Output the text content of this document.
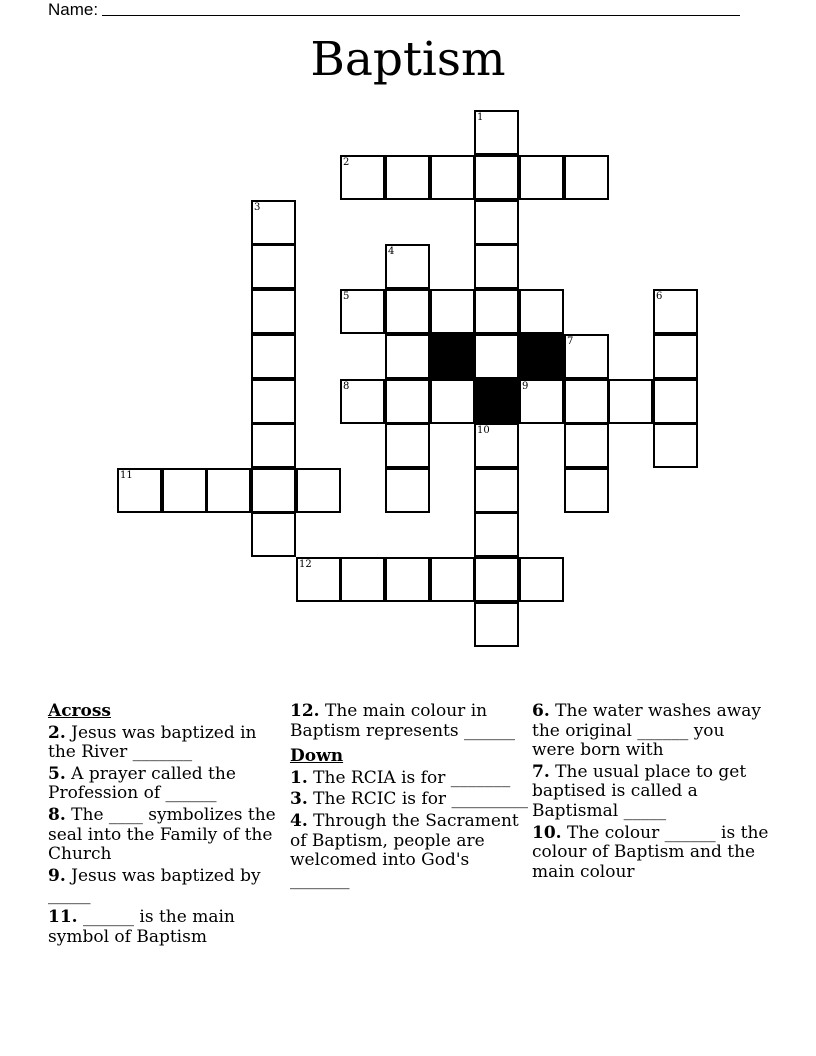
Name:
Baptism
1
2
3
4
5	6
7
8	9
10
11
12
Across
2. Jesus was baptized in the River _______
5. A prayer called the Profession of ______
8. The ____ symbolizes the seal into the Family of the Church
9. Jesus was baptized by _____
11. ______ is the main symbol of Baptism
12. The main colour in Baptism represents ______
Down
1. The RCIA is for _______
3. The RCIC is for _________
4. Through the Sacrament of Baptism, people are welcomed into God's _______
6. The water washes away the original ______ you were born with
7. The usual place to get baptised is called a Baptismal _____
10. The colour ______ is the colour of Baptism and the main colour
